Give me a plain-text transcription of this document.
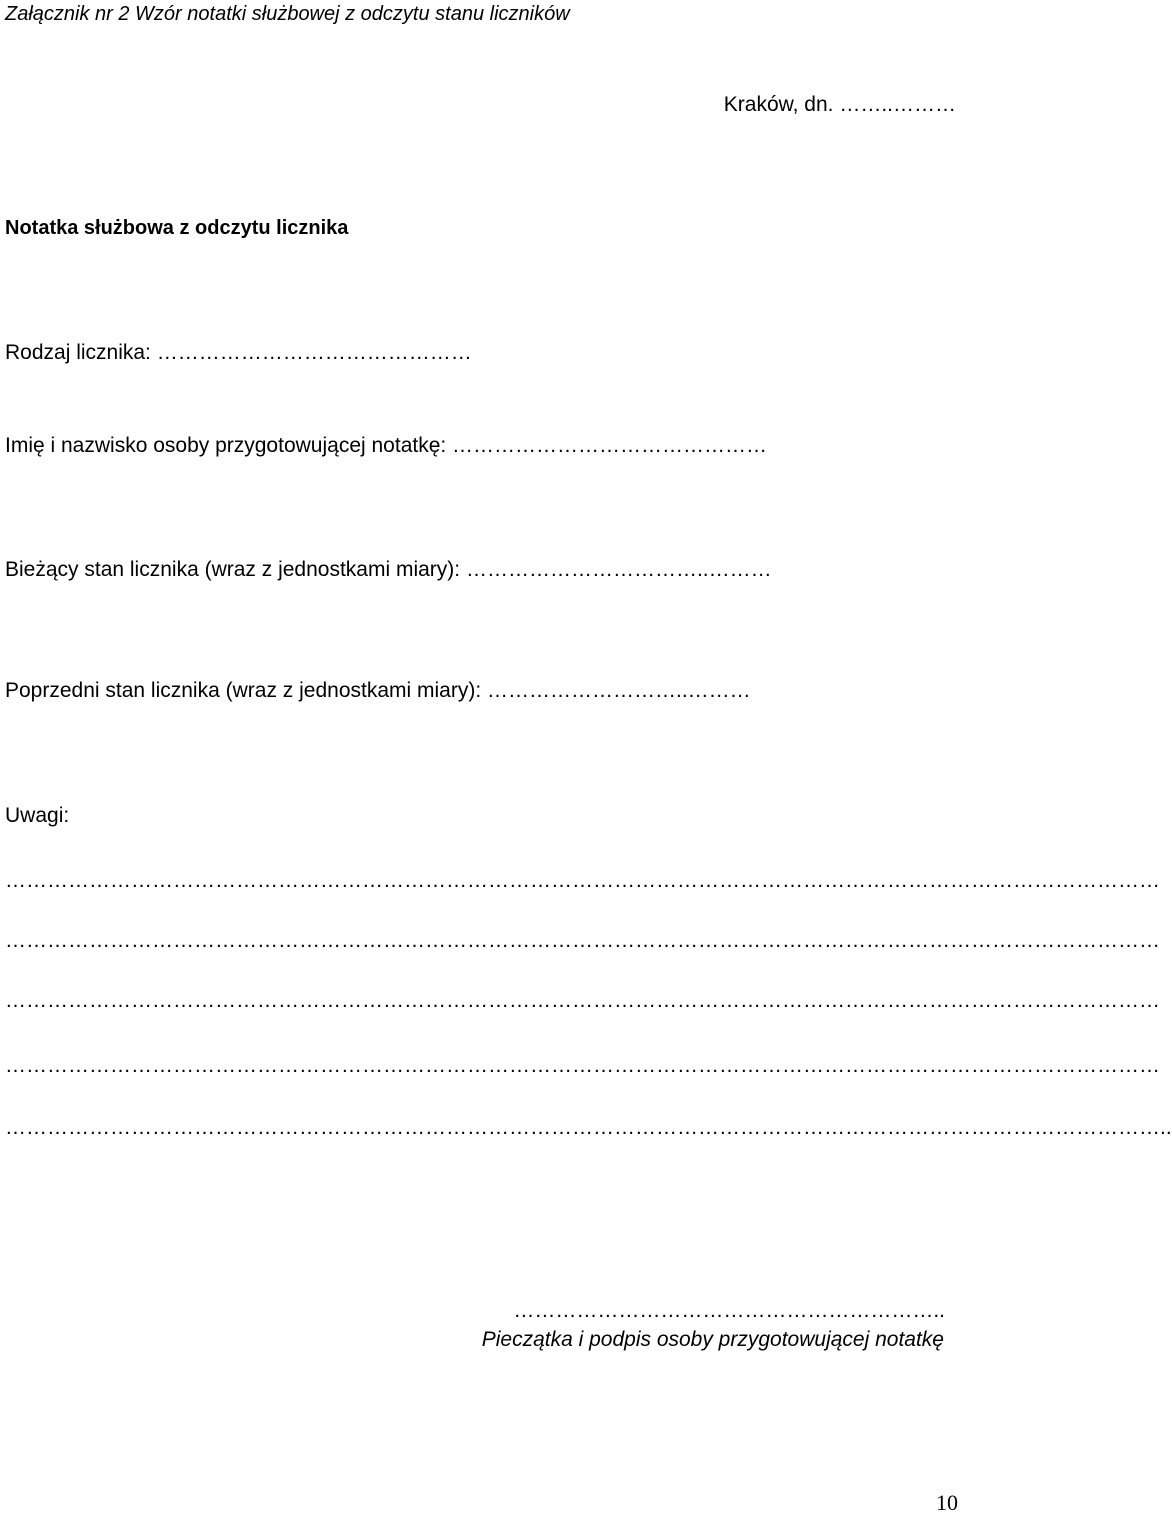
Załącznik nr 2 Wzór notatki służbowej z odczytu stanu liczników
Kraków, dn. ……..………
Notatka służbowa z odczytu licznika
Rodzaj licznika: ………………………………………
Imię i nazwisko osoby przygotowującej notatkę: ………………………………………
Bieżący stan licznika (wraz z jednostkami miary): ……………………………..………
Poprzedni stan licznika (wraz z jednostkami miary): ………………………..………
Uwagi:
…………………………………………………………………………………………………………………………………………………
…………………………………………………………………………………………………………………………………………………
…………………………………………………………………………………………………………………………………………………
…………………………………………………………………………………………………………………………………………………
…………………………………………………………………………………………………………………………………………………..
……………………………………………………..
Pieczątka i podpis osoby przygotowującej notatkę
10
